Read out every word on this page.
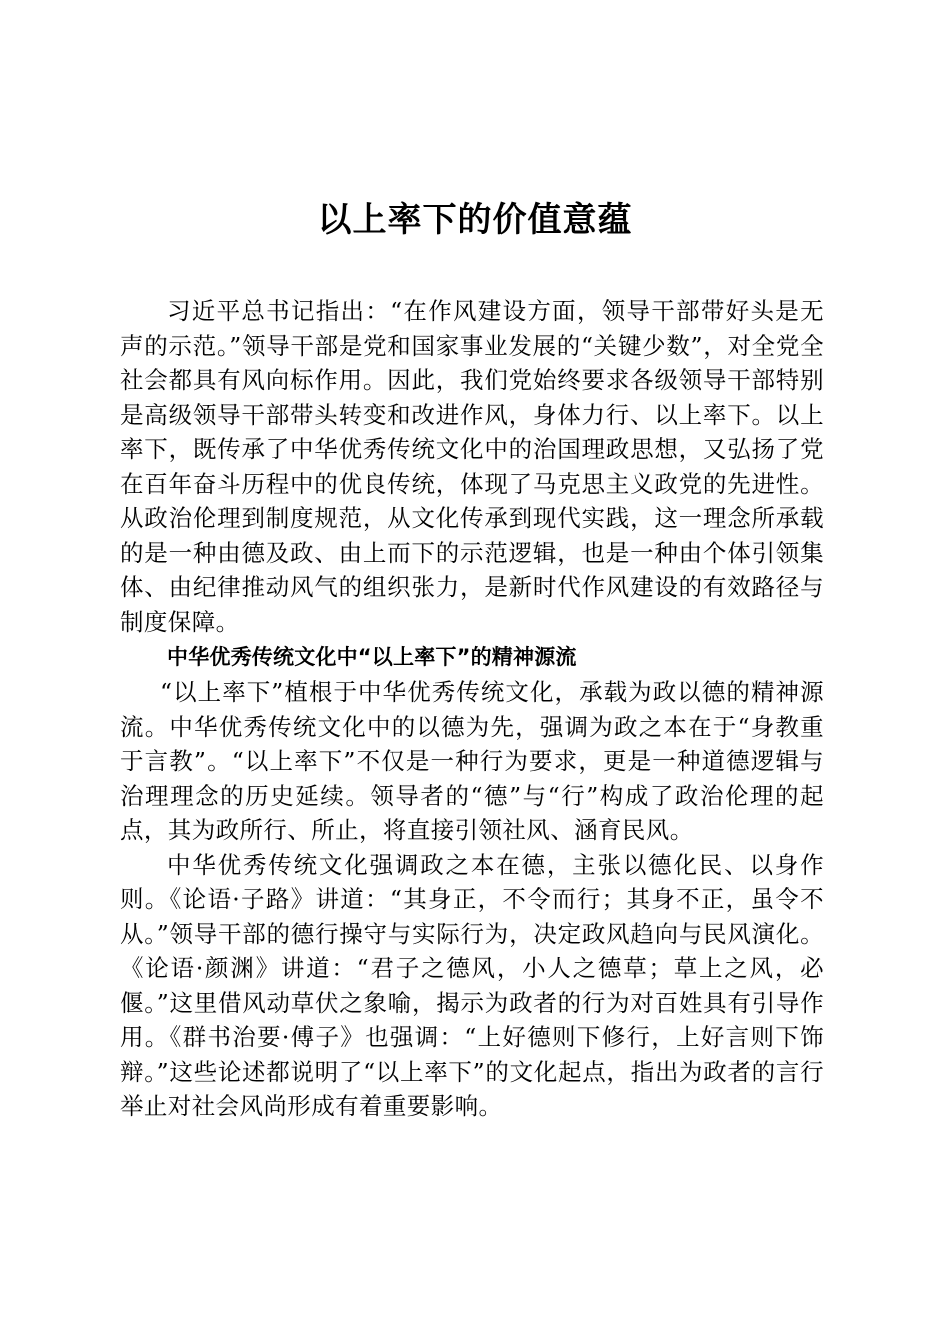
以上率下的价值意蕴

习近平总书记指出：“在作风建设方面，领导干部带好头是无声的示范。”领导干部是党和国家事业发展的“关键少数”，对全党全社会都具有风向标作用。因此，我们党始终要求各级领导干部特别是高级领导干部带头转变和改进作风，身体力行、以上率下。以上率下，既传承了中华优秀传统文化中的治国理政思想，又弘扬了党在百年奋斗历程中的优良传统，体现了马克思主义政党的先进性。从政治伦理到制度规范，从文化传承到现代实践，这一理念所承载的是一种由德及政、由上而下的示范逻辑，也是一种由个体引领集体、由纪律推动风气的组织张力，是新时代作风建设的有效路径与制度保障。

中华优秀传统文化中“以上率下”的精神源流

“以上率下”植根于中华优秀传统文化，承载为政以德的精神源流。中华优秀传统文化中的以德为先，强调为政之本在于“身教重于言教”。“以上率下”不仅是一种行为要求，更是一种道德逻辑与治理理念的历史延续。领导者的“德”与“行”构成了政治伦理的起点，其为政所行、所止，将直接引领社风、涵育民风。

中华优秀传统文化强调政之本在德，主张以德化民、以身作则。《论语·子路》讲道：“其身正，不令而行；其身不正，虽令不从。”领导干部的德行操守与实际行为，决定政风趋向与民风演化。《论语·颜渊》讲道：“君子之德风，小人之德草；草上之风，必偃。”这里借风动草伏之象喻，揭示为政者的行为对百姓具有引导作用。《群书治要·傅子》也强调：“上好德则下修行，上好言则下饰辩。”这些论述都说明了“以上率下”的文化起点，指出为政者的言行举止对社会风尚形成有着重要影响。
